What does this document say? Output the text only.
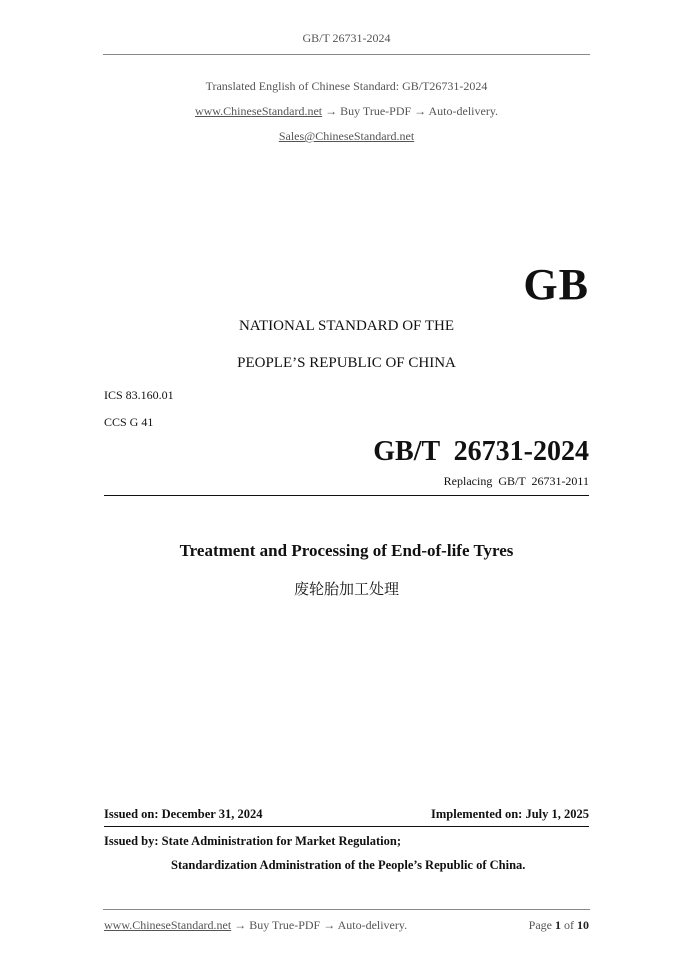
GB/T 26731-2024
Translated English of Chinese Standard: GB/T26731-2024
www.ChineseStandard.net → Buy True-PDF → Auto-delivery.
Sales@ChineseStandard.net
GB
NATIONAL STANDARD OF THE
PEOPLE’S REPUBLIC OF CHINA
ICS 83.160.01
CCS G 41
GB/T  26731-2024
Replacing  GB/T  26731-2011
Treatment and Processing of End-of-life Tyres
废轮胎加工处理
Issued on: December 31, 2024	Implemented on: July 1, 2025
Issued by: State Administration for Market Regulation;
Standardization Administration of the People’s Republic of China.
www.ChineseStandard.net → Buy True-PDF → Auto-delivery.	Page 1 of 10
